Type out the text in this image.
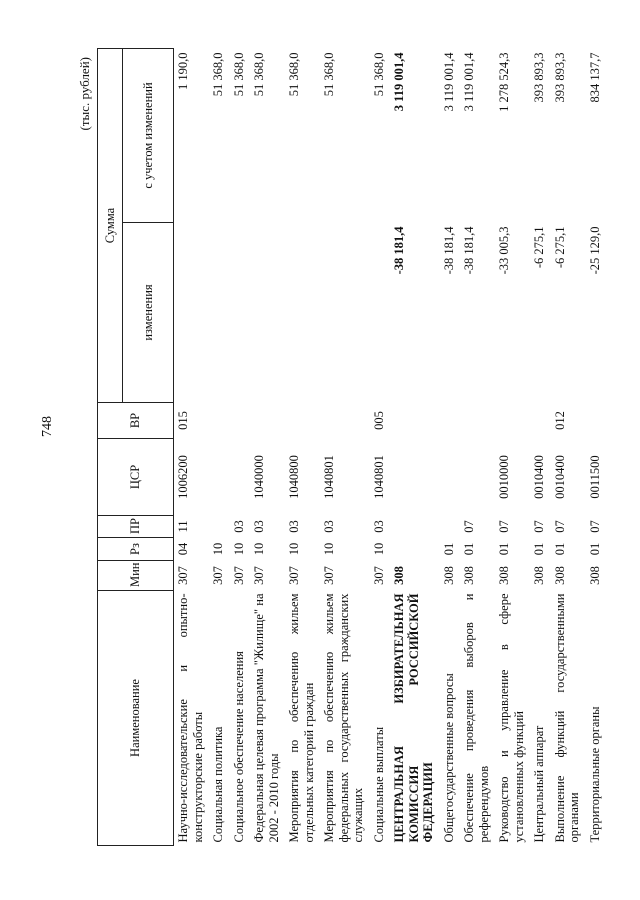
748
(тыс. рублей)
Наименование	Мин	Рз	ПР	ЦСР	ВР	Сумма	
						изменения	с учетом изменений
Научно-исследовательские и опытно-конструкторские работы	307	04	11	1006200	015		1 190,0
Социальная политика	307	10					51 368,0
Социальное обеспечение населения	307	10	03				51 368,0
Федеральная целевая программа "Жилище" на 2002 - 2010 годы	307	10	03	1040000			51 368,0
Мероприятия по обеспечению жильем отдельных категорий граждан	307	10	03	1040800			51 368,0
Мероприятия по обеспечению жильем федеральных государственных гражданских служащих	307	10	03	1040801			51 368,0
Социальные выплаты	307	10	03	1040801	005		51 368,0
ЦЕНТРАЛЬНАЯ ИЗБИРАТЕЛЬНАЯ КОМИССИЯ РОССИЙСКОЙ ФЕДЕРАЦИИ	308					-38 181,4	3 119 001,4
Общегосударственные вопросы	308	01				-38 181,4	3 119 001,4
Обеспечение проведения выборов и референдумов	308	01	07			-38 181,4	3 119 001,4
Руководство и управление в сфере установленных функций	308	01	07	0010000		-33 005,3	1 278 524,3
Центральный аппарат	308	01	07	0010400		-6 275,1	393 893,3
Выполнение функций государственными органами	308	01	07	0010400	012	-6 275,1	393 893,3
Территориальные органы	308	01	07	0011500		-25 129,0	834 137,7
